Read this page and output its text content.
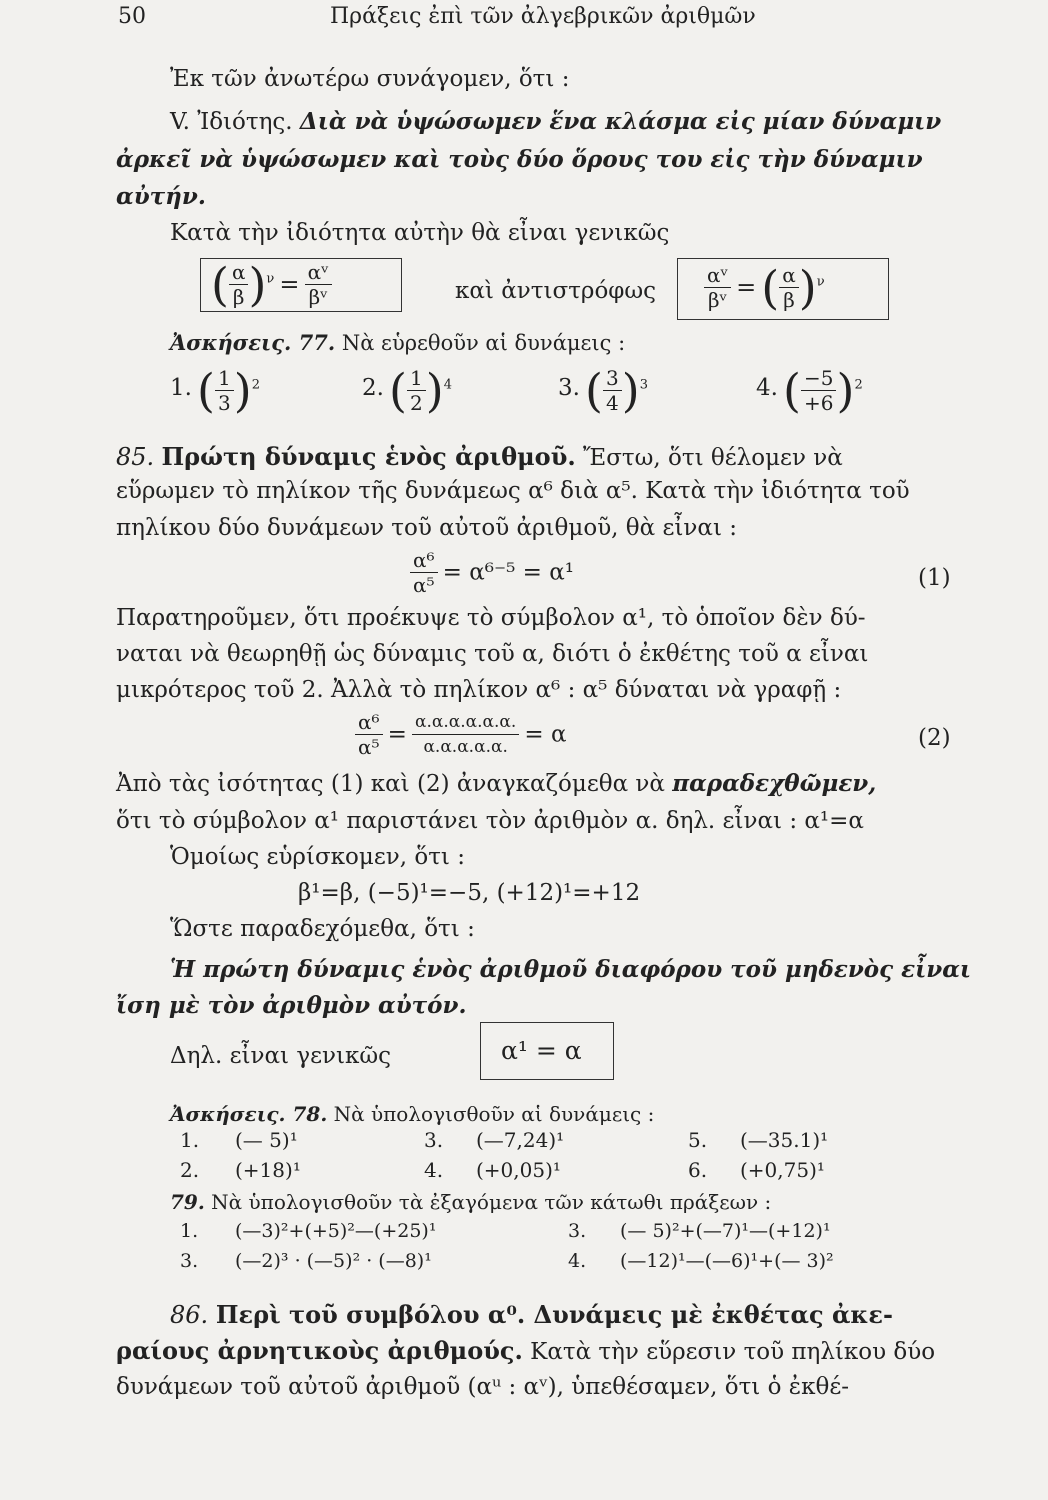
50	Πράξεις ἐπὶ τῶν ἀλγεβρικῶν ἀριθμῶν
Ἐκ τῶν ἀνωτέρω συνάγομεν, ὅτι :
V. Ἰδιότης. Διὰ νὰ ὑψώσωμεν ἕνα κλάσμα εἰς μίαν δύναμιν
ἀρκεῖ νὰ ὑψώσωμεν καὶ τοὺς δύο ὅρους του εἰς τὴν δύναμιν
αὐτήν.
Κατὰ τὴν ἰδιότητα αὐτὴν θὰ εἶναι γενικῶς
( $\frac{\alpha}{\beta} )^\nu = \frac{\text{αᵛ}}{\text{βᵛ}}$	καὶ ἀντιστρόφως $\frac{\text{αᵛ}}{\text{βᵛ}}$ = ( $\frac{\alpha}{\beta} )^\nu$
Ἀσκήσεις. 77. Νὰ εὑρεθοῦν αἱ δυνάμεις :
1. ( $\frac{1}{3} )^2$	2. ( $\frac{1}{2} )^4$	3. ( $\frac{3}{4} )^3$	4. ( $\frac{-5}{+6} )^2$
85. Πρώτη δύναμις ἑνὸς ἀριθμοῦ. Ἔστω, ὅτι θέλομεν νὰ
εὕρωμεν τὸ πηλίκον τῆς δυνάμεως α⁶ διὰ α⁵. Κατὰ τὴν ἰδιότητα τοῦ
πηλίκου δύο δυνάμεων τοῦ αὐτοῦ ἀριθμοῦ, θὰ εἶναι :
$\frac{\text{α⁶}}{\text{α⁵}} = \alpha^{6-5} = \alpha^1$	(1)
Παρατηροῦμεν, ὅτι προέκυψε τὸ σύμβολον α¹, τὸ ὁποῖον δὲν δύ-
ναται νὰ θεωρηθῇ ὡς δύναμις τοῦ α, διότι ὁ ἐκθέτης τοῦ α εἶναι
μικρότερος τοῦ 2. Ἀλλὰ τὸ πηλίκον α⁶ : α⁵ δύναται νὰ γραφῇ :
$\frac{\text{α⁶}}{\text{α⁵}} = \frac{\alpha.\alpha.\alpha.\alpha.\alpha.\alpha.}{\alpha.\alpha.\alpha.\alpha.\alpha.} = \alpha$	(2)
Ἀπὸ τὰς ἰσότητας (1) καὶ (2) ἀναγκαζόμεθα νὰ παραδεχθῶμεν,
ὅτι τὸ σύμβολον α¹ παριστάνει τὸν ἀριθμὸν α. δηλ. εἶναι : α¹=α
Ὁμοίως εὑρίσκομεν, ὅτι :
β¹=β, (−5)¹=−5, (+12)¹=+12
Ὥστε παραδεχόμεθα, ὅτι :
Ἡ πρώτη δύναμις ἑνὸς ἀριθμοῦ διαφόρου τοῦ μηδενὸς εἶναι
ἴση μὲ τὸν ἀριθμὸν αὐτόν.
Δηλ. εἶναι γενικῶς	α¹ = α
Ἀσκήσεις. 78. Νὰ ὑπολογισθοῦν αἱ δυνάμεις :
1. (— 5)¹	3. (—7,24)¹	5. (—35.1)¹
2. (+18)¹	4. (+0,05)¹	6. (+0,75)¹
79. Νὰ ὑπολογισθοῦν τὰ ἐξαγόμενα τῶν κάτωθι πράξεων :
1. (—3)²+(+5)²—(+25)¹	3. (— 5)²+(—7)¹—(+12)¹
3. (—2)³ · (—5)² · (—8)¹	4. (—12)¹—(—6)¹+(— 3)²
86. Περὶ τοῦ συμβόλου α⁰. Δυνάμεις μὲ ἐκθέτας ἀκε-
ραίους ἀρνητικοὺς ἀριθμούς. Κατὰ τὴν εὕρεσιν τοῦ πηλίκου δύο
δυνάμεων τοῦ αὐτοῦ ἀριθμοῦ (αᵘ : αᵛ), ὑπεθέσαμεν, ὅτι ὁ ἐκθέ-
